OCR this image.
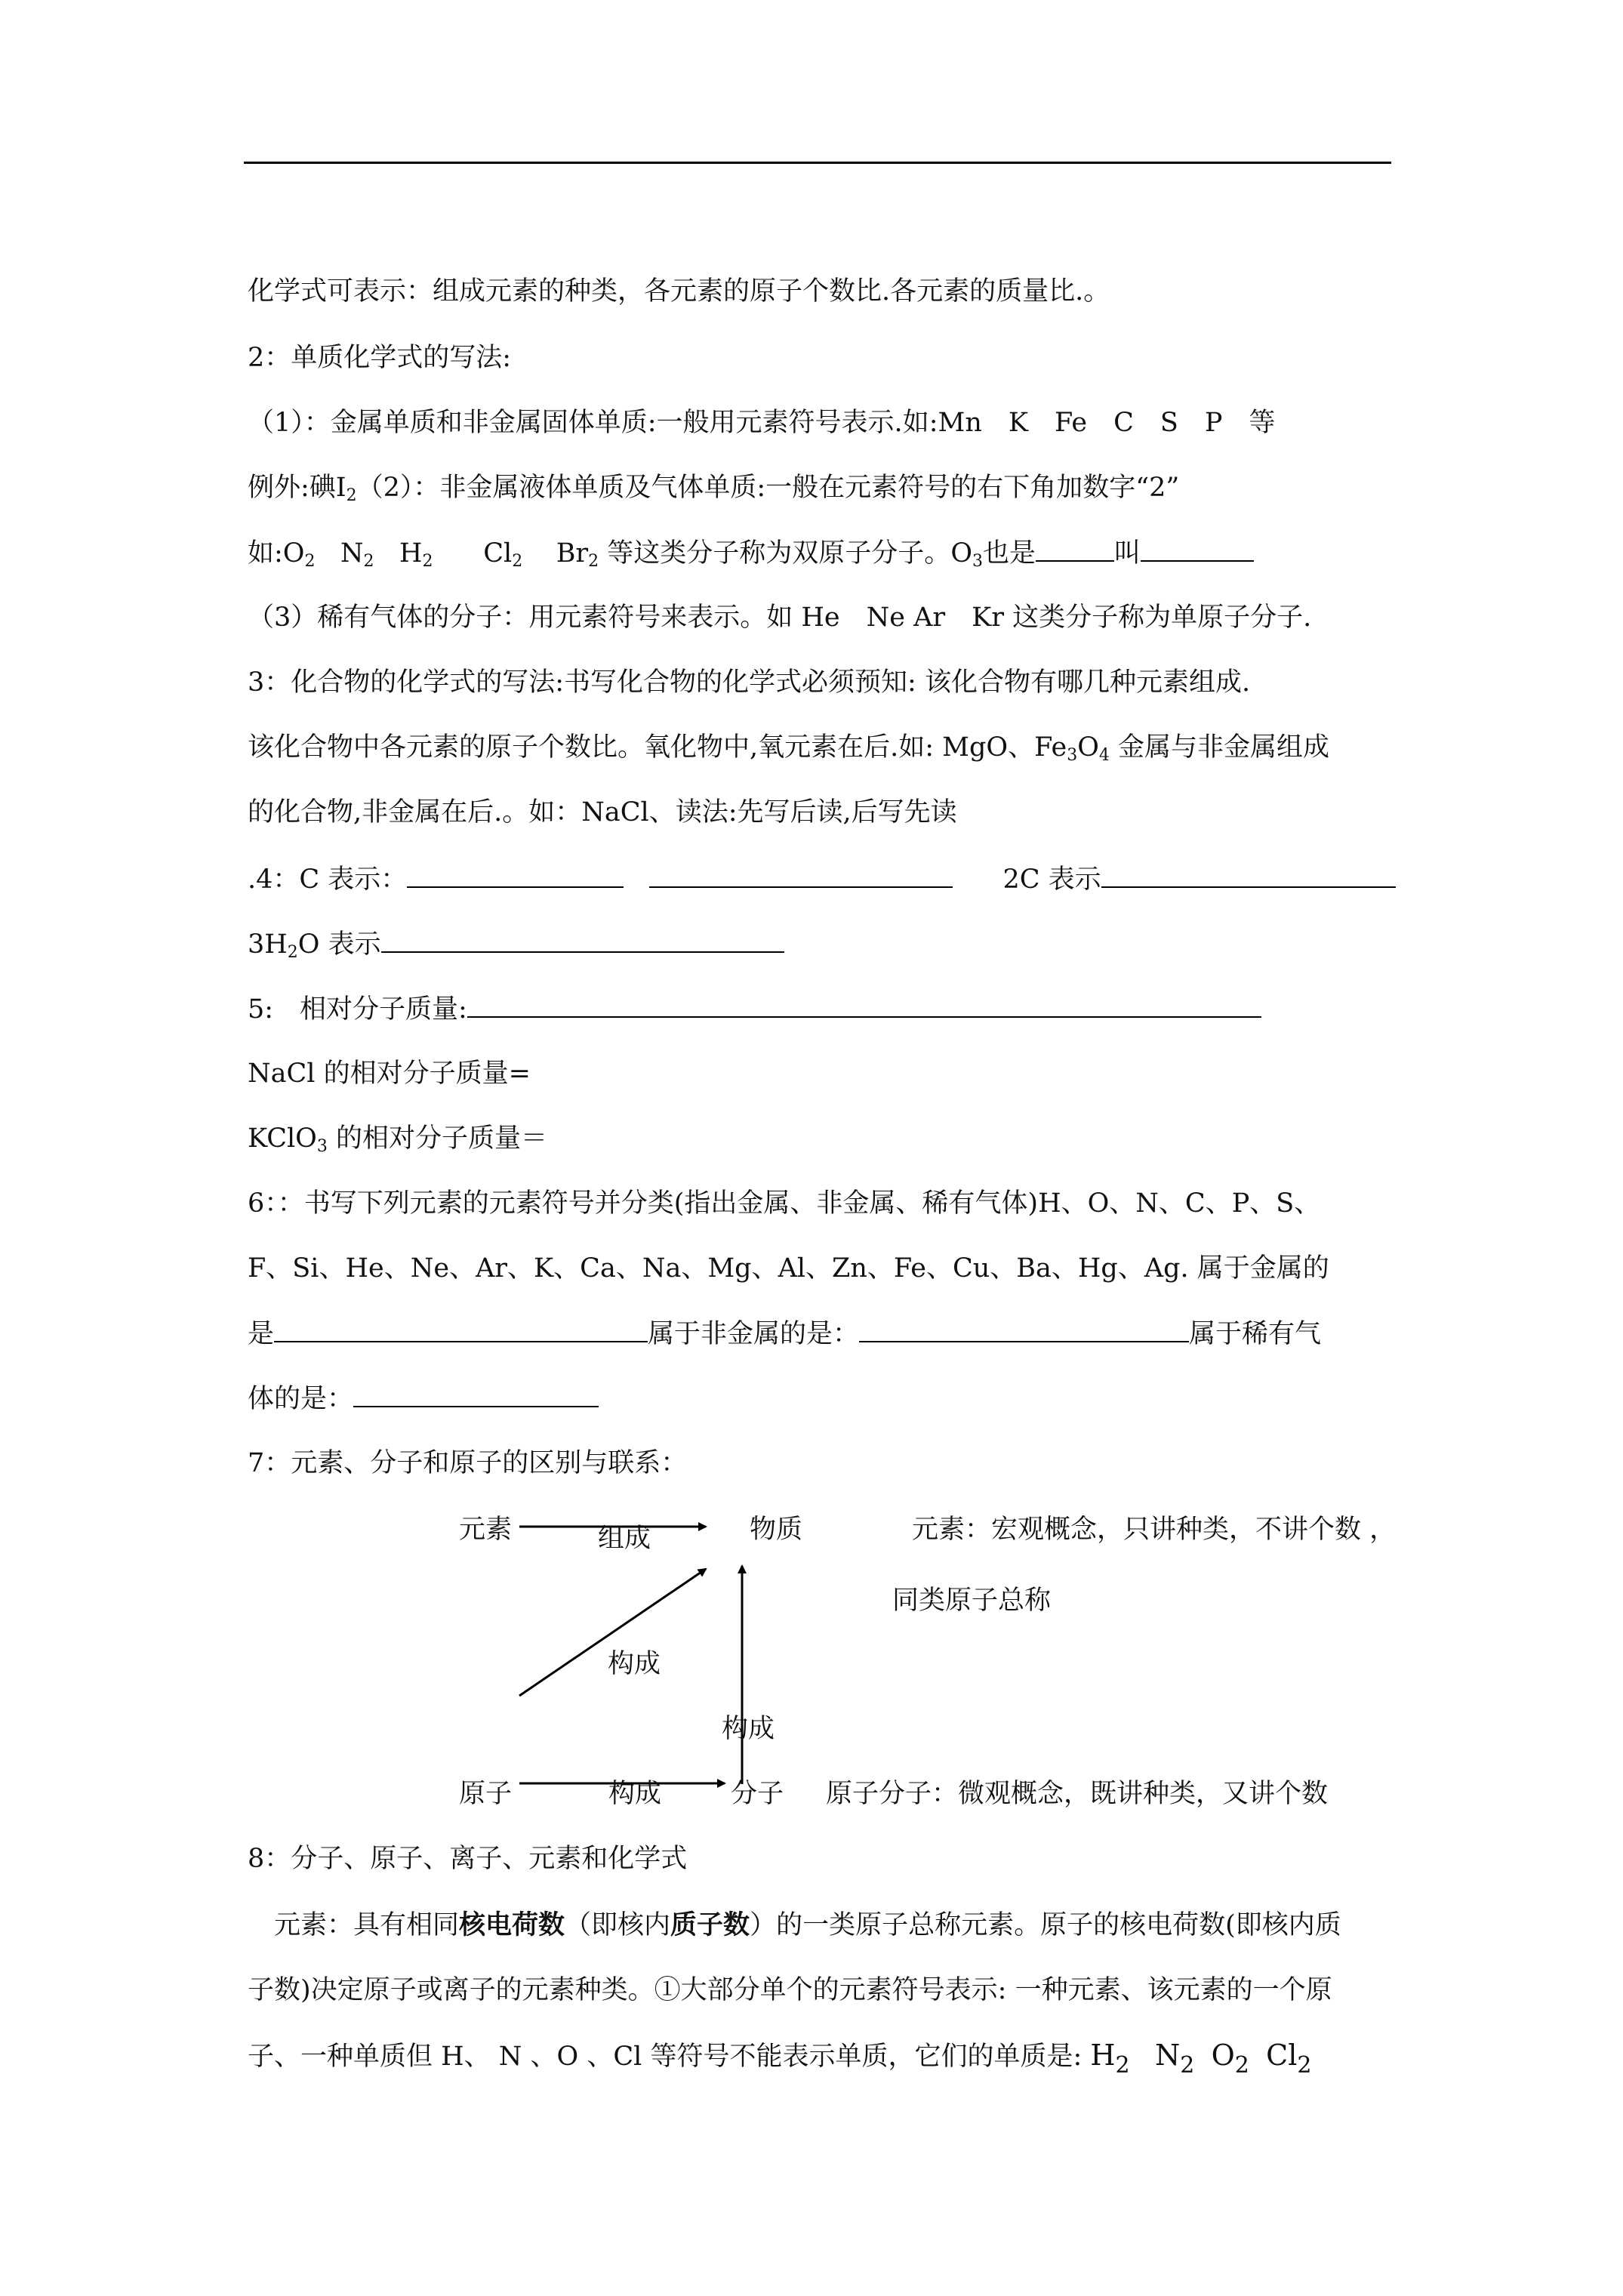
化学式可表示：组成元素的种类，各元素的原子个数比.各元素的质量比.。
2：单质化学式的写法:
（1）：金属单质和非金属固体单质:一般用元素符号表示.如:Mn　K　Fe　C　S　P　等
例外:碘$I_2(2)$：非金属液体单质及气体单质:一般在元素符号的右下角加数字“2”
如$:O_2$ $N_2$ $H_2$ $Cl_2$ $Br_2$ 等这类分子称为双原子分子。$O_3$也是	叫
（3）稀有气体的分子：用元素符号来表示。如 He　Ne Ar　Kr 这类分子称为单原子分子.
3：化合物的化学式的写法:书写化合物的化学式必须预知: 该化合物有哪几种元素组成.
该化合物中各元素的原子个数比。氧化物中,氧元素在后.如: MgO、$Fe_3O_4$ 金属与非金属组成
的化合物,非金属在后.。如：NaCl、读法:先写后读,后写先读
.4：C 表示：	2C 表示
$3H_2O$ 表示
5:　相对分子质量:
NaCl 的相对分子质量=
KClO$_3$ 的相对分子质量＝
6：：书写下列元素的元素符号并分类(指出金属、非金属、稀有气体)H、O、N、C、P、S、
F、Si、He、Ne、Ar、K、Ca、Na、Mg、Al、Zn、Fe、Cu、Ba、Hg、Ag. 属于金属的
是	属于非金属的是：	属于稀有气
体的是：
7：元素、分子和原子的区别与联系：
元素	组成	物质	元素：宏观概念，只讲种类，不讲个数 ，
同类原子总称
构成
构成
原子	构成	分子 原子分子：微观概念，既讲种类，又讲个数
8：分子、原子、离子、元素和化学式
　元素：具有相同核电荷数（即核内质子数）的一类原子总称元素。原子的核电荷数(即核内质
子数)决定原子或离子的元素种类。①大部分单个的元素符号表示: 一种元素、该元素的一个原
子、一种单质但 H、 N 、O 、Cl 等符号不能表示单质，它们的单质是: $H_2$ $N_2$ $O_2$ $Cl_2$
